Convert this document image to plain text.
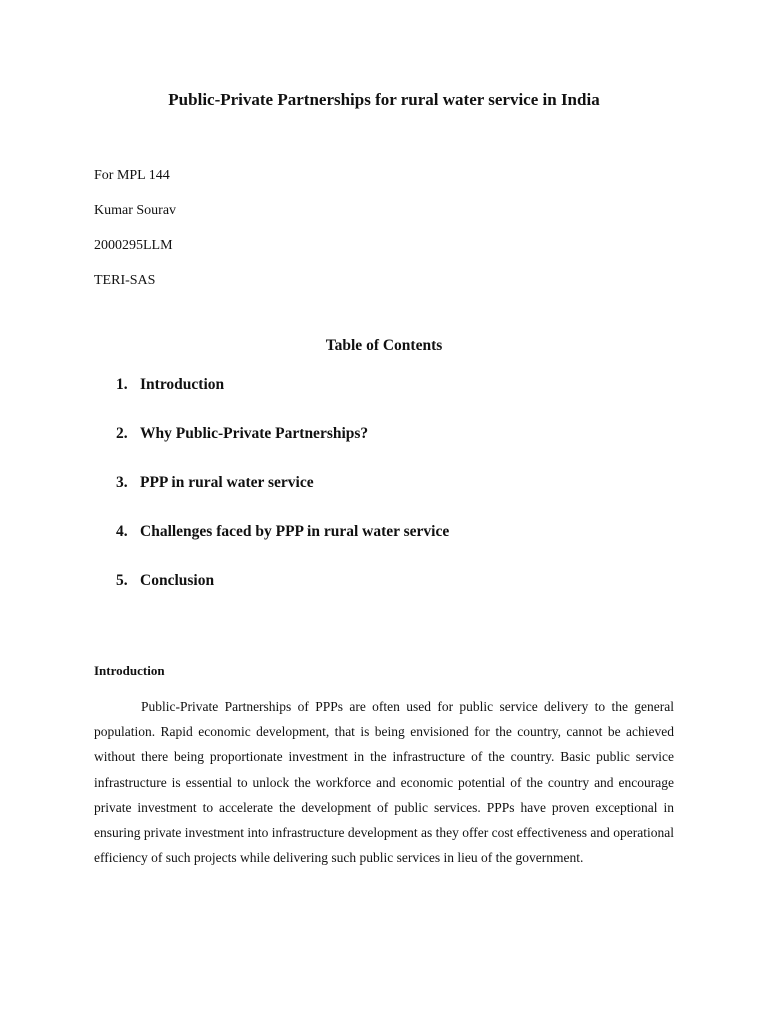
Public-Private Partnerships for rural water service in India
For MPL 144
Kumar Sourav
2000295LLM
TERI-SAS
Table of Contents
1. Introduction
2. Why Public-Private Partnerships?
3. PPP in rural water service
4. Challenges faced by PPP in rural water service
5. Conclusion
Introduction

Public-Private Partnerships of PPPs are often used for public service delivery to the general population. Rapid economic development, that is being envisioned for the country, cannot be achieved without there being proportionate investment in the infrastructure of the country. Basic public service infrastructure is essential to unlock the workforce and economic potential of the country and encourage private investment to accelerate the development of public services. PPPs have proven exceptional in ensuring private investment into infrastructure development as they offer cost effectiveness and operational efficiency of such projects while delivering such public services in lieu of the government.
